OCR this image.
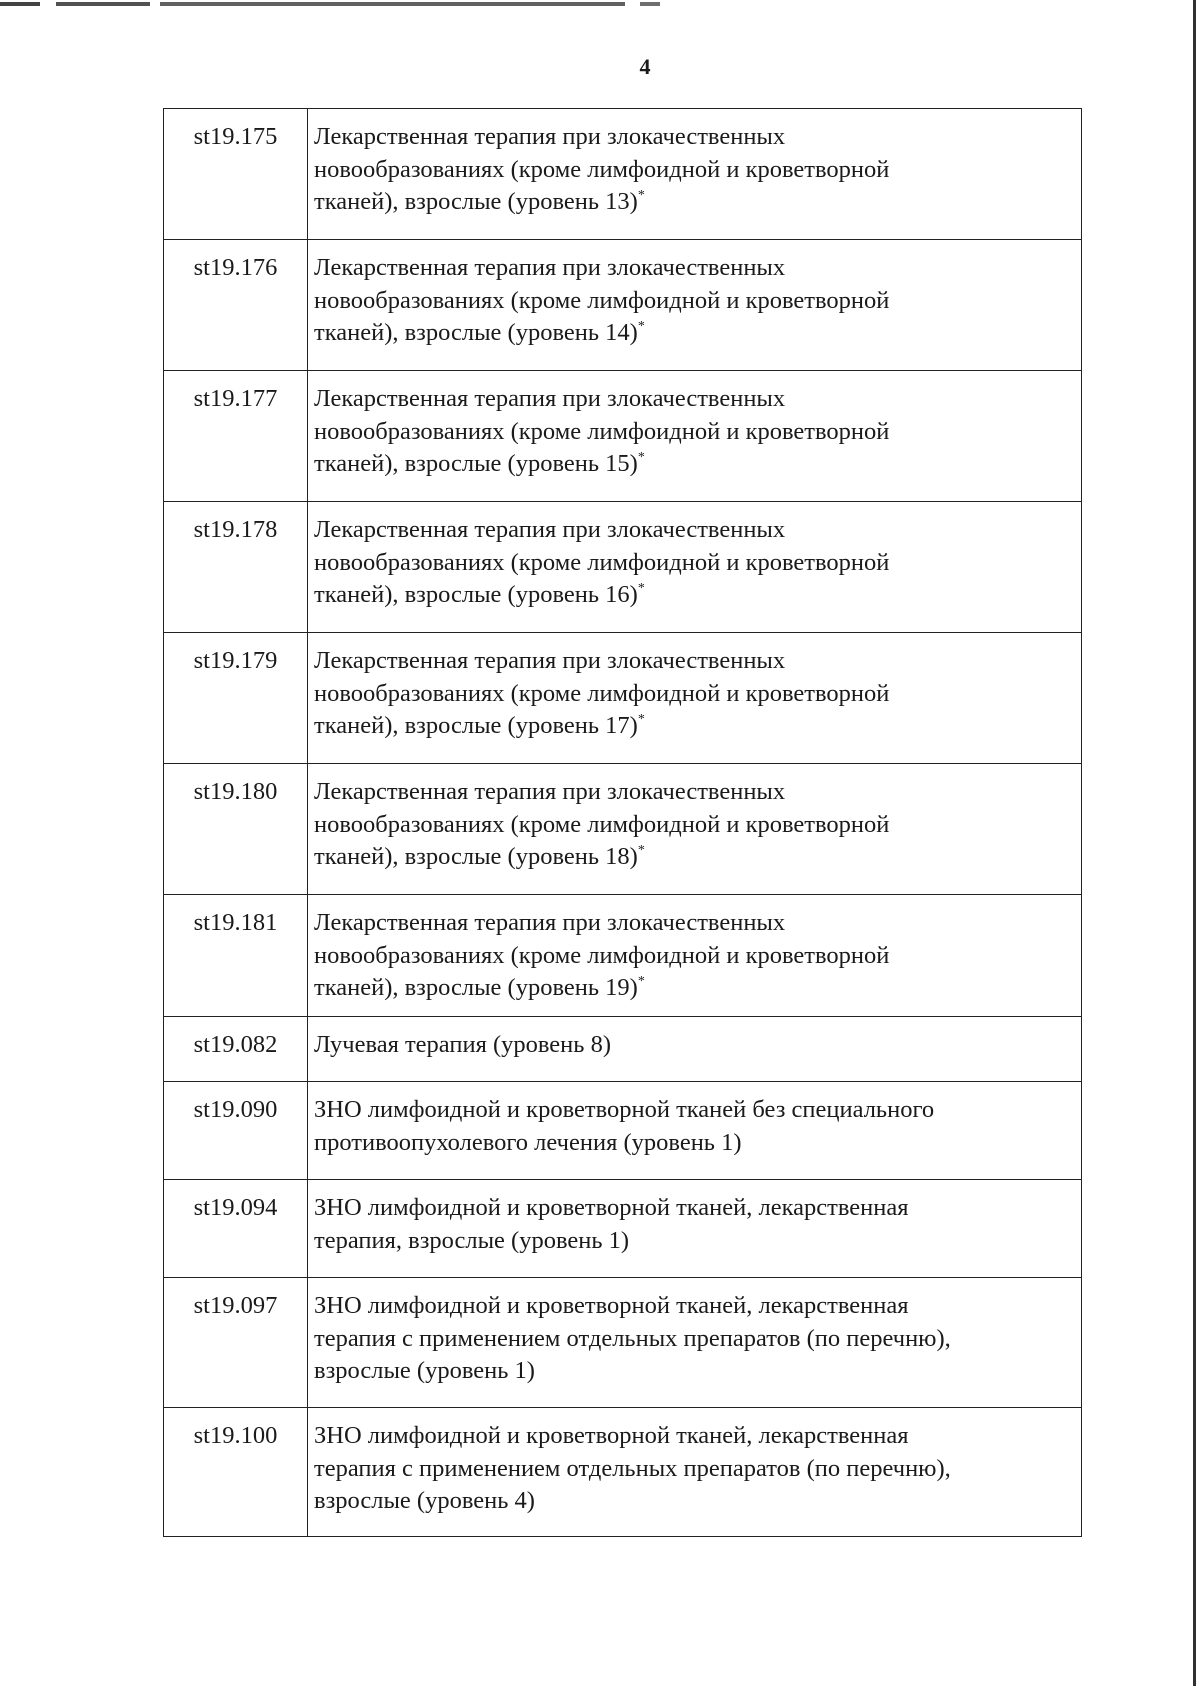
4
st19.175	Лекарственная терапия при злокачественных
новообразованиях (кроме лимфоидной и кроветворной
тканей), взрослые (уровень 13)*

st19.176	Лекарственная терапия при злокачественных
новообразованиях (кроме лимфоидной и кроветворной
тканей), взрослые (уровень 14)*

st19.177	Лекарственная терапия при злокачественных
новообразованиях (кроме лимфоидной и кроветворной
тканей), взрослые (уровень 15)*

st19.178	Лекарственная терапия при злокачественных
новообразованиях (кроме лимфоидной и кроветворной
тканей), взрослые (уровень 16)*

st19.179	Лекарственная терапия при злокачественных
новообразованиях (кроме лимфоидной и кроветворной
тканей), взрослые (уровень 17)*

st19.180	Лекарственная терапия при злокачественных
новообразованиях (кроме лимфоидной и кроветворной
тканей), взрослые (уровень 18)*

st19.181	Лекарственная терапия при злокачественных
новообразованиях (кроме лимфоидной и кроветворной
тканей), взрослые (уровень 19)*

st19.082	Лучевая терапия (уровень 8)

st19.090	ЗНО лимфоидной и кроветворной тканей без специального
противоопухолевого лечения (уровень 1)

st19.094	ЗНО лимфоидной и кроветворной тканей, лекарственная
терапия, взрослые (уровень 1)

st19.097	ЗНО лимфоидной и кроветворной тканей, лекарственная
терапия с применением отдельных препаратов (по перечню),
взрослые (уровень 1)

st19.100	ЗНО лимфоидной и кроветворной тканей, лекарственная
терапия с применением отдельных препаратов (по перечню),
взрослые (уровень 4)
